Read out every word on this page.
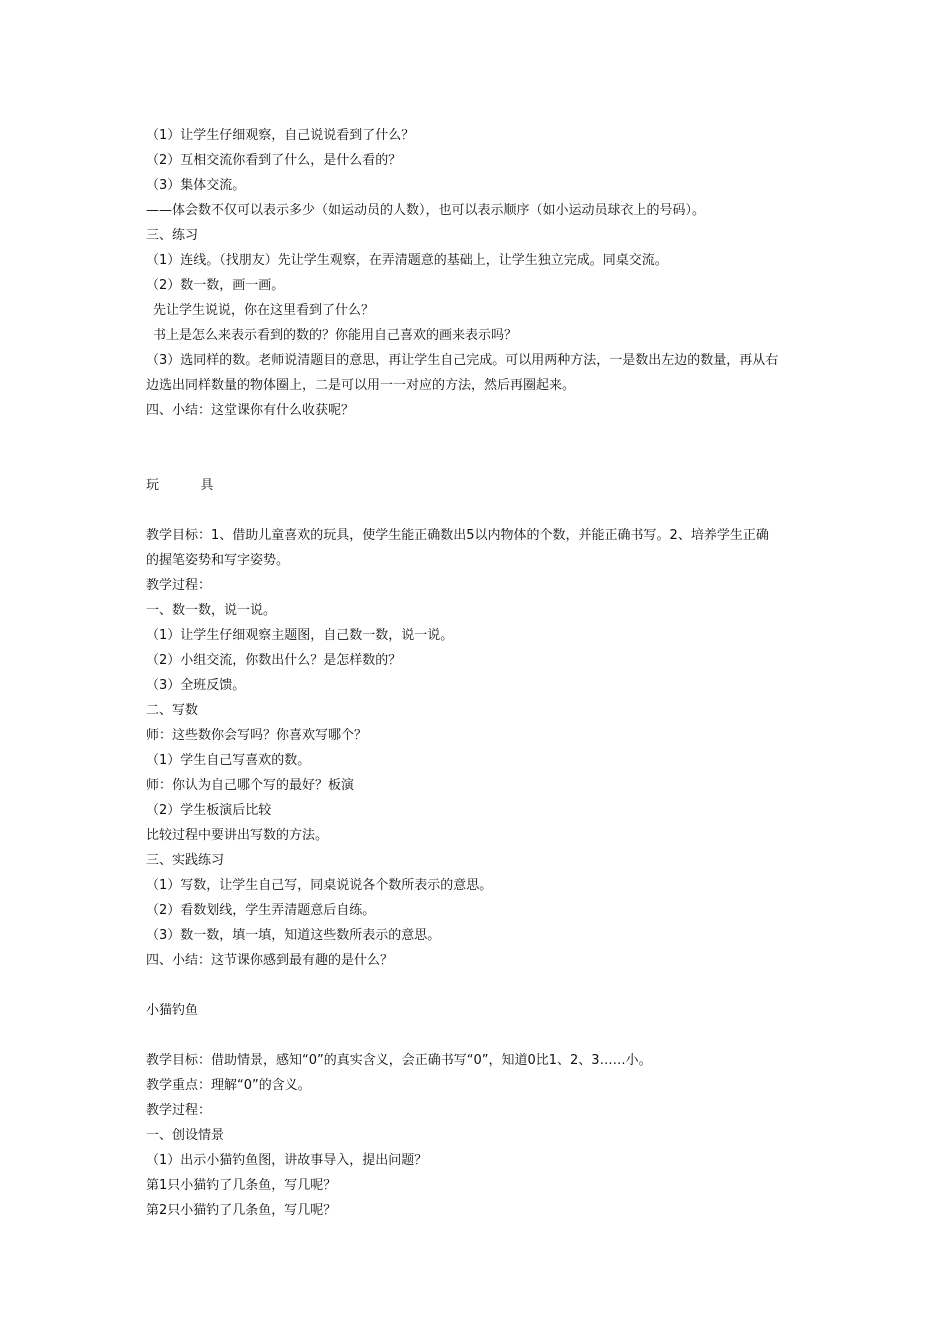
（1）让学生仔细观察，自己说说看到了什么？
（2）互相交流你看到了什么，是什么看的？
（3）集体交流。
——体会数不仅可以表示多少（如运动员的人数），也可以表示顺序（如小运动员球衣上的号码）。
三、练习
（1）连线。（找朋友）先让学生观察，在弄清题意的基础上，让学生独立完成。同桌交流。
（2）数一数，画一画。
先让学生说说，你在这里看到了什么？
书上是怎么来表示看到的数的？你能用自己喜欢的画来表示吗？
（3）选同样的数。老师说清题目的意思，再让学生自己完成。可以用两种方法，一是数出左边的数量，再从右
边选出同样数量的物体圈上，二是可以用一一对应的方法，然后再圈起来。
四、小结：这堂课你有什么收获呢？
玩          具
教学目标：1、借助儿童喜欢的玩具，使学生能正确数出5以内物体的个数，并能正确书写。2、培养学生正确
的握笔姿势和写字姿势。
教学过程：
一、数一数，说一说。
（1）让学生仔细观察主题图，自己数一数，说一说。
（2）小组交流，你数出什么？是怎样数的？
（3）全班反馈。
二、写数
师：这些数你会写吗？你喜欢写哪个？
（1）学生自己写喜欢的数。
师：你认为自己哪个写的最好？板演
（2）学生板演后比较
比较过程中要讲出写数的方法。
三、实践练习
（1）写数，让学生自己写，同桌说说各个数所表示的意思。
（2）看数划线，学生弄清题意后自练。
（3）数一数，填一填，知道这些数所表示的意思。
四、小结：这节课你感到最有趣的是什么？
小猫钓鱼
教学目标：借助情景，感知“0”的真实含义，会正确书写“0”，知道0比1、2、3……小。
教学重点：理解“0”的含义。
教学过程：
一、创设情景
（1）出示小猫钓鱼图，讲故事导入，提出问题？
第1只小猫钓了几条鱼，写几呢？
第2只小猫钓了几条鱼，写几呢？
